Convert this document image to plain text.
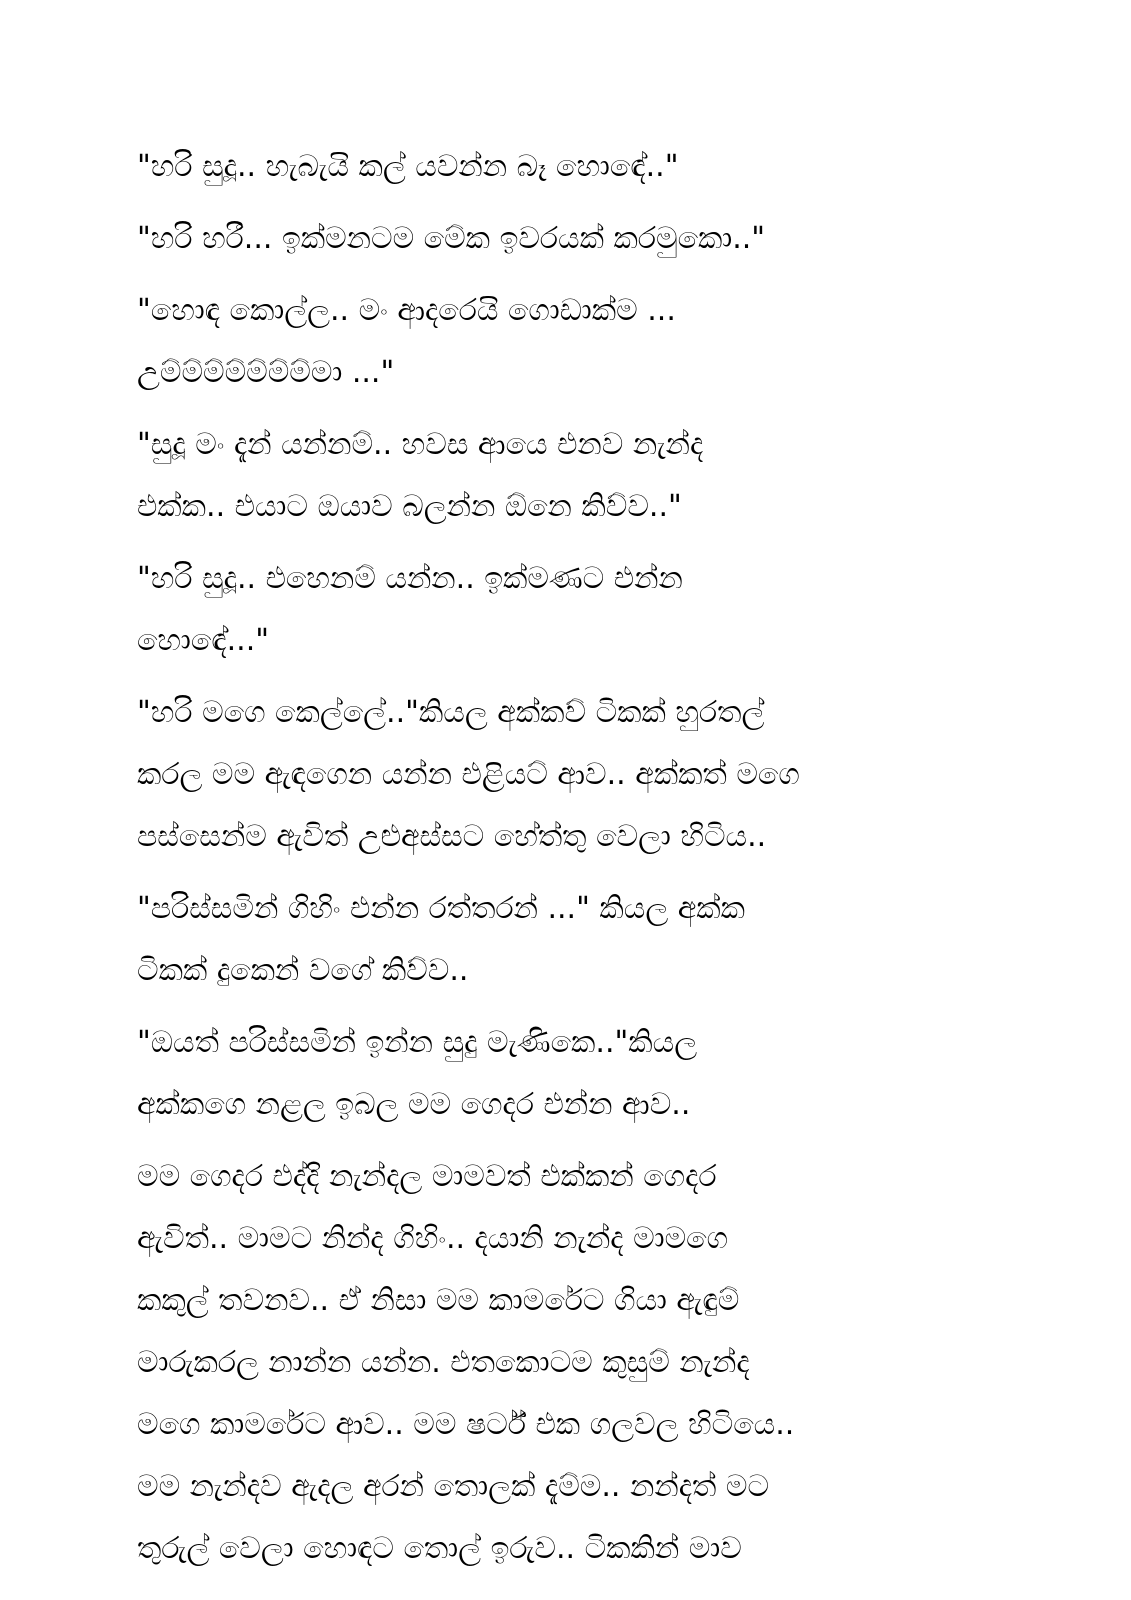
"හරි සුදූ.. හැබැයි කල් යවන්න බෑ හොඳේ.."
"හරි හරී... ඉක්මනටම මේක ඉවරයක් කරමුකො.."
"හොඳ කොල්ල.. මං ආදරෙයි ගොඩාක්ම ...
උම්ම්ම්ම්ම්ම්ම්මා ..."
"සුදූ මං දැන් යන්නම්.. හවස ආයෙ එනව නැන්ද
එක්ක.. එයාට ඔයාව බලන්න ඕනෙ කිව්ව.."
"හරි සුදූ.. එහෙනම් යන්න.. ඉක්මණට එන්න
හොඳේ..."
"හරි මගෙ කෙල්ලේ.."කියල අක්කව් ටිකක් හුරතල්
කරල මම ඇඳගෙන යන්න එළියට් ආව.. අක්කත් මගෙ
පස්සෙන්ම ඇවිත් උළුඅස්සට හේත්තු වෙලා හිටිය..
"පරිස්සමින් ගිහිං එන්න රත්තරන් ..." කියල අක්ක
ටිකක් දුකෙන් වගේ කිව්ව..
"ඔයත් පරිස්සමින් ඉන්න සුදු මැණිකෙ.."කියල
අක්කගෙ නළල ඉබල මම ගෙදර එන්න ආව..
මම ගෙදර එද්දි නැන්දල මාමවත් එක්කන් ගෙදර
ඇවිත්.. මාමට නින්ද ගිහිං.. දයානි නැන්ද මාමගෙ
කකුල් තවනව.. ඒ නිසා මම කාමරේට ගියා ඇඳුම්
මාරුකරල නාන්න යන්න. එතකොටම කුසුම් නැන්ද
මගෙ කාමරේට ආව.. මම ෂර්ට් එක ගලවල හිටියෙ..
මම නැන්දව ඇදල අරන් තොලක් දැම්ම.. නන්දත් මට
තුරුල් වෙලා හොඳට තොල් ඉරුව.. ටිකකින් මාව
